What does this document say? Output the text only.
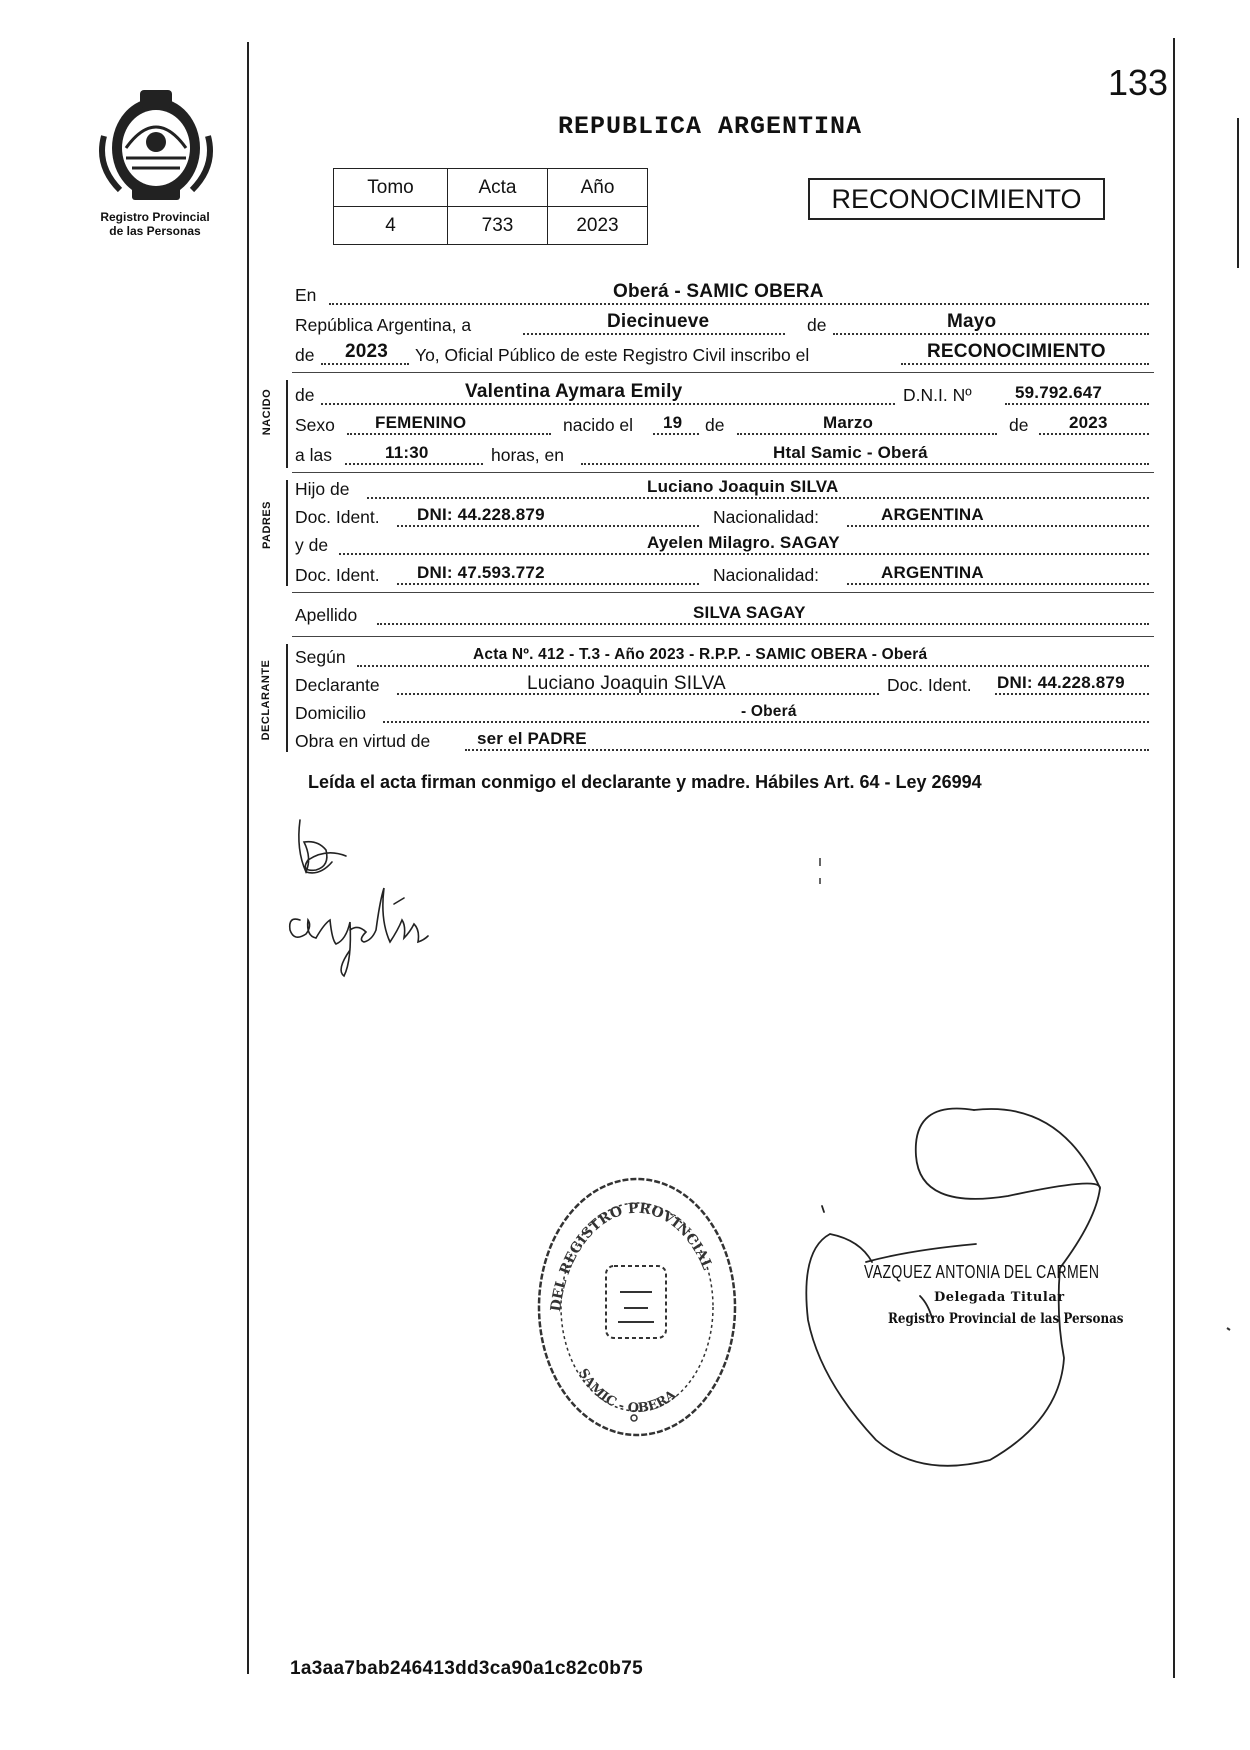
133
Registro Provincial
de las Personas
REPUBLICA ARGENTINA
Tomo	Acta	Año
4	733	2023
RECONOCIMIENTO
En	Oberá - SAMIC OBERA
República Argentina, a	Diecinueve	de	Mayo
de 2023 Yo, Oficial Público de este Registro Civil inscribo el	RECONOCIMIENTO
NACIDO de	Valentina Aymara Emily	D.N.I. Nº	59.792.647
Sexo FEMENINO	nacido el 19 de	Marzo	de 2023
a las	11:30	horas, en	Htal Samic - Oberá
PADRES
Hijo de	Luciano Joaquin SILVA
Doc. Ident. DNI: 44.228.879	Nacionalidad:	ARGENTINA
y de	Ayelen Milagro. SAGAY
Doc. Ident. DNI: 47.593.772	Nacionalidad:	ARGENTINA
Apellido	SILVA SAGAY
DECLARANTE
Según	Acta Nº. 412 - T.3 - Año 2023 - R.P.P. - SAMIC OBERA - Oberá
Declarante	Luciano Joaquin SILVA	Doc. Ident. DNI: 44.228.879
Domicilio	- Oberá
Obra en virtud de	ser el PADRE
Leída el acta firman conmigo el declarante y madre. Hábiles Art. 64 - Ley 26994
DEL REGISTRO PROVINCIAL
SAMIC - OBERA
VAZQUEZ ANTONIA DEL CARMEN
Delegada Titular
Registro Provincial de las Personas
1a3aa7bab246413dd3ca90a1c82c0b75
